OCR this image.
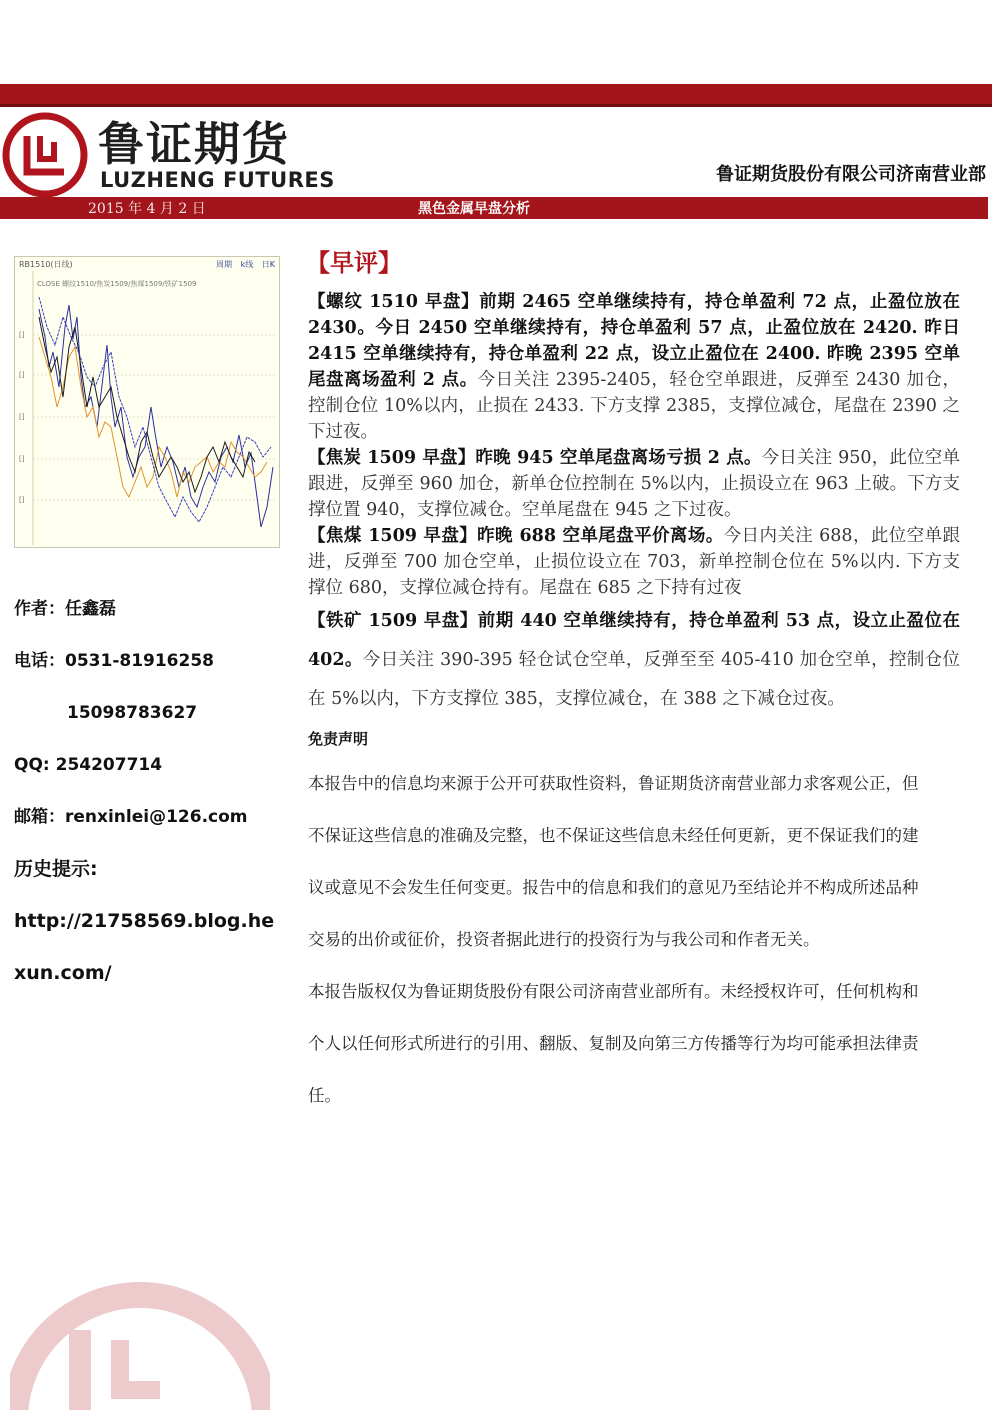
鲁证期货
LUZHENG FUTURES	鲁证期货股份有限公司济南营业部
2015 年 4 月 2 日	黑色金属早盘分析
[]
[]
[]
[]
[]
RB1510(日线)	周期 k线 日K
CLOSE 螺纹1510/焦炭1509/焦煤1509/铁矿1509
作者：任鑫磊
电话：0531-81916258
15098783627
QQ: 254207714
邮箱：renxinlei@126.com
历史提示:
http://21758569.blog.he
xun.com/
【早评】
【螺纹 1510 早盘】前期 2465 空单继续持有，持仓单盈利 72 点，止盈位放在 2430。今日 2450 空单继续持有，持仓单盈利 57 点，止盈位放在 2420. 昨日 2415 空单继续持有，持仓单盈利 22 点，设立止盈位在 2400. 昨晚 2395 空单尾盘离场盈利 2 点。今日关注 2395-2405，轻仓空单跟进，反弹至 2430 加仓，控制仓位 10%以内，止损在 2433. 下方支撑 2385，支撑位减仓，尾盘在 2390 之下过夜。
【焦炭 1509 早盘】昨晚 945 空单尾盘离场亏损 2 点。今日关注 950，此位空单跟进，反弹至 960 加仓，新单仓位控制在 5%以内，止损设立在 963 上破。下方支撑位置 940，支撑位减仓。空单尾盘在 945 之下过夜。
【焦煤 1509 早盘】昨晚 688 空单尾盘平价离场。今日内关注 688，此位空单跟进，反弹至 700 加仓空单，止损位设立在 703，新单控制仓位在 5%以内. 下方支撑位 680，支撑位减仓持有。尾盘在 685 之下持有过夜
【铁矿 1509 早盘】前期 440 空单继续持有，持仓单盈利 53 点，设立止盈位在 402。今日关注 390-395 轻仓试仓空单，反弹至至 405-410 加仓空单，控制仓位在 5%以内，下方支撑位 385，支撑位减仓，在 388 之下减仓过夜。
免责声明
本报告中的信息均来源于公开可获取性资料，鲁证期货济南营业部力求客观公正，但
不保证这些信息的准确及完整，也不保证这些信息未经任何更新，更不保证我们的建
议或意见不会发生任何变更。报告中的信息和我们的意见乃至结论并不构成所述品种
交易的出价或征价，投资者据此进行的投资行为与我公司和作者无关。
本报告版权仅为鲁证期货股份有限公司济南营业部所有。未经授权许可，任何机构和
个人以任何形式所进行的引用、翻版、复制及向第三方传播等行为均可能承担法律责
任。
